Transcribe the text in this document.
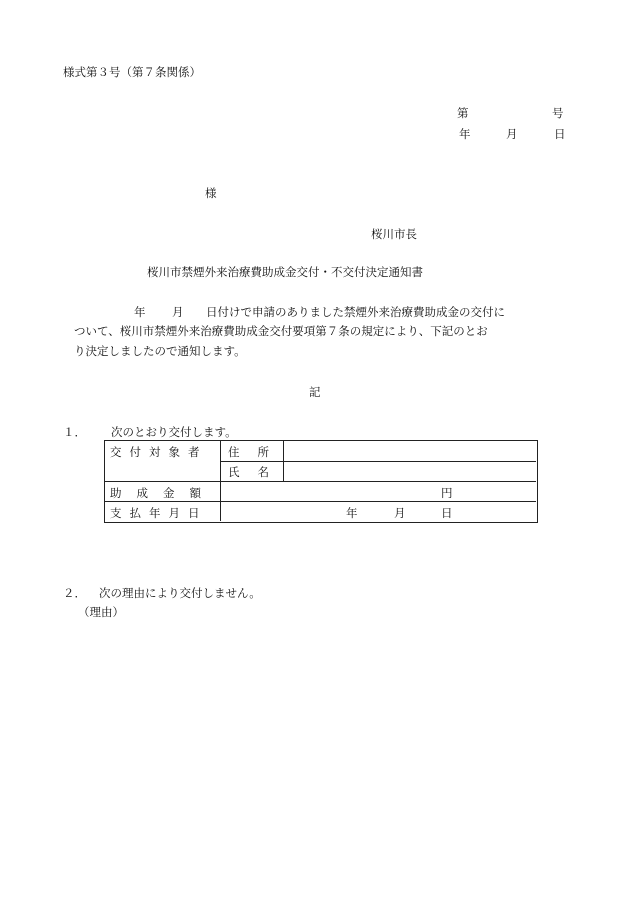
様式第３号（第７条関係）
第	号
年	月	日
様
桜川市長
桜川市禁煙外来治療費助成金交付・不交付決定通知書
年 月 日付けで申請のありました禁煙外来治療費助成金の交付に
ついて、桜川市禁煙外来治療費助成金交付要項第７条の規定により、下記のとお
り決定しましたので通知します。
記
１． 次のとおり交付します。
交付対象者 住所
氏名
助成金額	円
支払年月日	年	月	日
２． 次の理由により交付しません。
（理由）
